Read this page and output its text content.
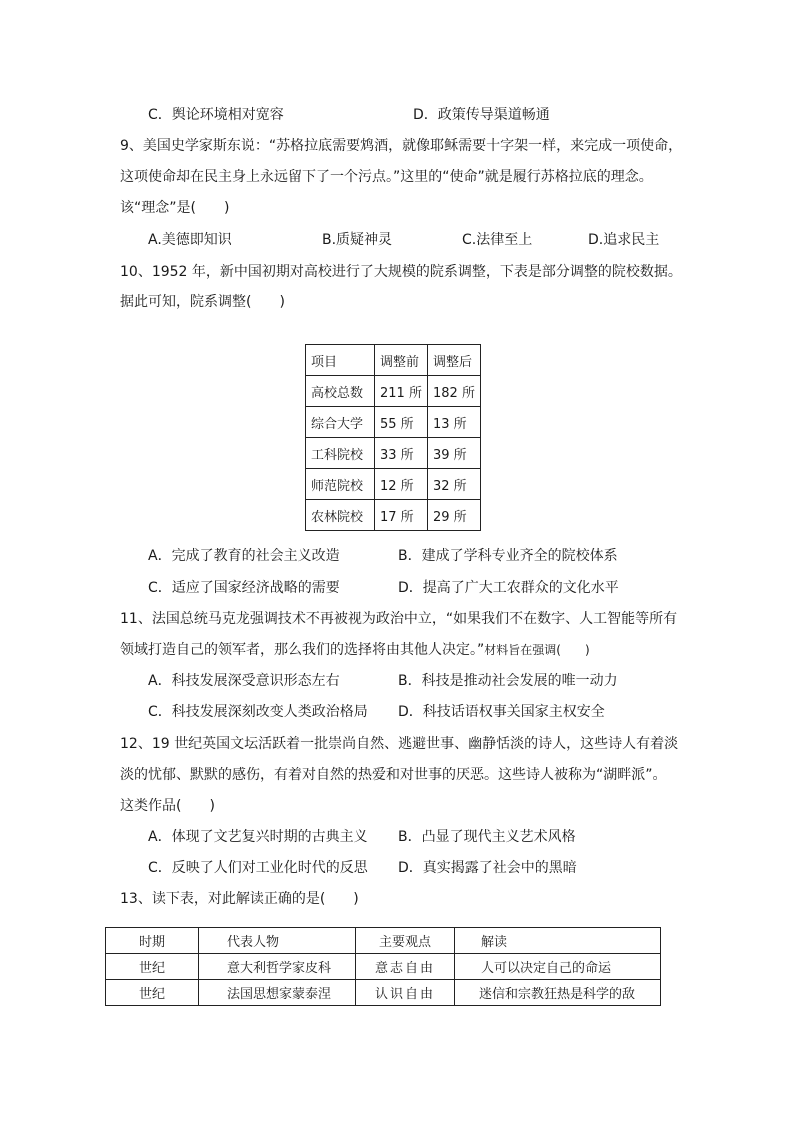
C．舆论环境相对宽容	D．政策传导渠道畅通
9、美国史学家斯东说：“苏格拉底需要鸩酒，就像耶稣需要十字架一样，来完成一项使命，
这项使命却在民主身上永远留下了一个污点。”这里的“使命”就是履行苏格拉底的理念。
该“理念”是(　　)
A.美德即知识	B.质疑神灵	C.法律至上	D.追求民主
10、1952 年，新中国初期对高校进行了大规模的院系调整，下表是部分调整的院校数据。
据此可知，院系调整(　　)
项目	调整前	调整后
高校总数	211 所	182 所
综合大学	55 所	13 所
工科院校	33 所	39 所
师范院校	12 所	32 所
农林院校	17 所	29 所
A．完成了教育的社会主义改造	B．建成了学科专业齐全的院校体系
C．适应了国家经济战略的需要	D．提高了广大工农群众的文化水平
11、法国总统马克龙强调技术不再被视为政治中立，“如果我们不在数字、人工智能等所有
领域打造自己的领军者，那么我们的选择将由其他人决定。”材料旨在强调(　　)
A．科技发展深受意识形态左右	B．科技是推动社会发展的唯一动力
C．科技发展深刻改变人类政治格局 D．科技话语权事关国家主权安全
12、19 世纪英国文坛活跃着一批崇尚自然、逃避世事、幽静恬淡的诗人，这些诗人有着淡
淡的忧郁、默默的感伤，有着对自然的热爱和对世事的厌恶。这些诗人被称为“湖畔派”。
这类作品(　　)
A．体现了文艺复兴时期的古典主义 B．凸显了现代主义艺术风格
C．反映了人们对工业化时代的反思 D．真实揭露了社会中的黑暗
13、读下表，对此解读正确的是(　　)
时期	代表人物	主要观点	解读
世纪	意大利哲学家皮科	意志自由	人可以决定自己的命运
世纪	法国思想家蒙泰涅	认识自由	迷信和宗教狂热是科学的敌
